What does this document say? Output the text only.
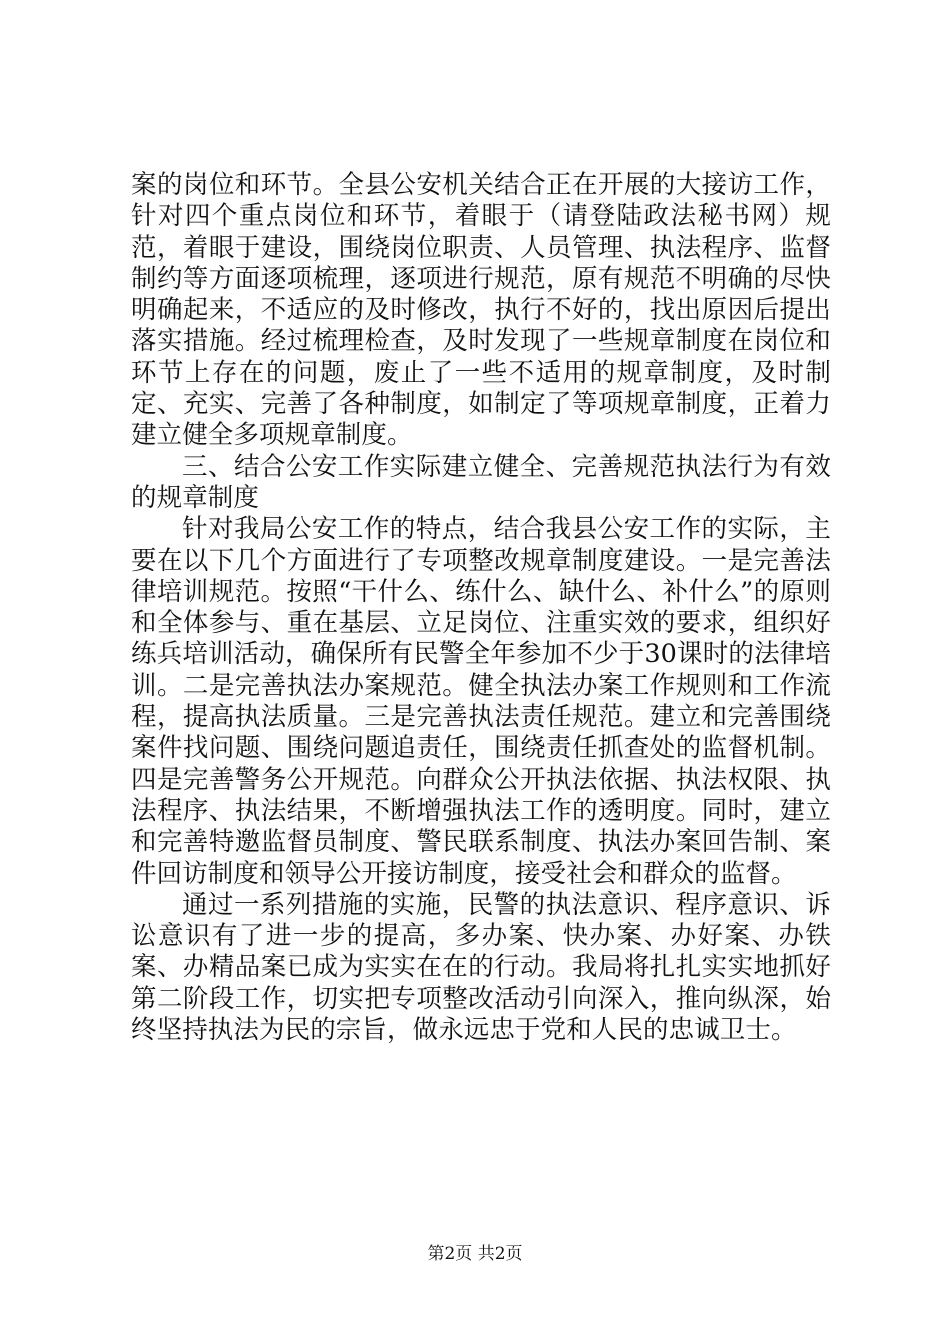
案的岗位和环节。全县公安机关结合正在开展的大接访工作，针对四个重点岗位和环节，着眼于（请登陆政法秘书网）规范，着眼于建设，围绕岗位职责、人员管理、执法程序、监督制约等方面逐项梳理，逐项进行规范，原有规范不明确的尽快明确起来，不适应的及时修改，执行不好的，找出原因后提出落实措施。经过梳理检查，及时发现了一些规章制度在岗位和环节上存在的问题，废止了一些不适用的规章制度，及时制定、充实、完善了各种制度，如制定了等项规章制度，正着力建立健全多项规章制度。

三、结合公安工作实际建立健全、完善规范执法行为有效的规章制度

针对我局公安工作的特点，结合我县公安工作的实际，主要在以下几个方面进行了专项整改规章制度建设。一是完善法律培训规范。按照“干什么、练什么、缺什么、补什么”的原则和全体参与、重在基层、立足岗位、注重实效的要求，组织好练兵培训活动，确保所有民警全年参加不少于30课时的法律培训。二是完善执法办案规范。健全执法办案工作规则和工作流程，提高执法质量。三是完善执法责任规范。建立和完善围绕案件找问题、围绕问题追责任，围绕责任抓查处的监督机制。四是完善警务公开规范。向群众公开执法依据、执法权限、执法程序、执法结果，不断增强执法工作的透明度。同时，建立和完善特邀监督员制度、警民联系制度、执法办案回告制、案件回访制度和领导公开接访制度，接受社会和群众的监督。

通过一系列措施的实施，民警的执法意识、程序意识、诉讼意识有了进一步的提高，多办案、快办案、办好案、办铁案、办精品案已成为实实在在的行动。我局将扎扎实实地抓好第二阶段工作，切实把专项整改活动引向深入，推向纵深，始终坚持执法为民的宗旨，做永远忠于党和人民的忠诚卫士。

第2页 共2页
